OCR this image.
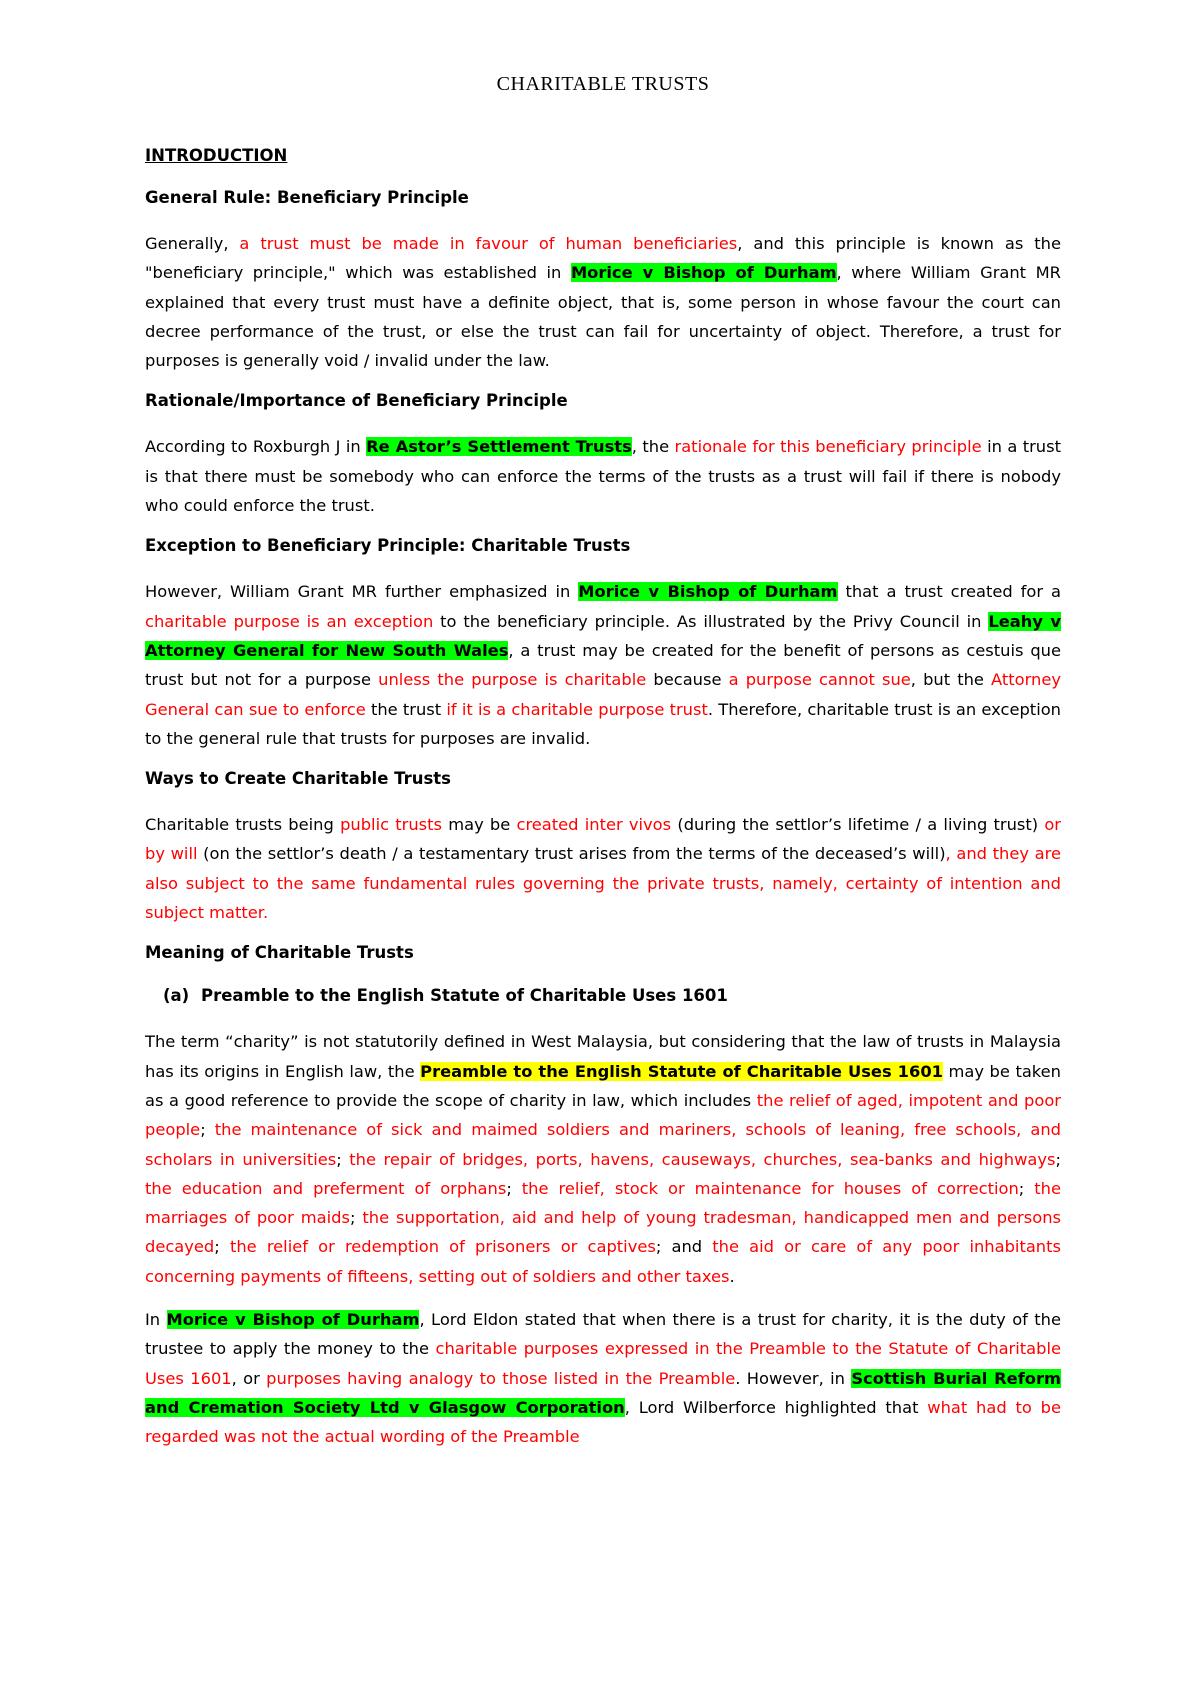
CHARITABLE TRUSTS
INTRODUCTION
General Rule: Beneficiary Principle
Generally, a trust must be made in favour of human beneficiaries, and this principle is known as the "beneficiary principle," which was established in Morice v Bishop of Durham, where William Grant MR explained that every trust must have a definite object, that is, some person in whose favour the court can decree performance of the trust, or else the trust can fail for uncertainty of object. Therefore, a trust for purposes is generally void / invalid under the law.
Rationale/Importance of Beneficiary Principle
According to Roxburgh J in Re Astor’s Settlement Trusts, the rationale for this beneficiary principle in a trust is that there must be somebody who can enforce the terms of the trusts as a trust will fail if there is nobody who could enforce the trust.
Exception to Beneficiary Principle: Charitable Trusts
However, William Grant MR further emphasized in Morice v Bishop of Durham that a trust created for a charitable purpose is an exception to the beneficiary principle. As illustrated by the Privy Council in Leahy v Attorney General for New South Wales, a trust may be created for the benefit of persons as cestuis que trust but not for a purpose unless the purpose is charitable because a purpose cannot sue, but the Attorney General can sue to enforce the trust if it is a charitable purpose trust. Therefore, charitable trust is an exception to the general rule that trusts for purposes are invalid.
Ways to Create Charitable Trusts
Charitable trusts being public trusts may be created inter vivos (during the settlor’s lifetime / a living trust) or by will (on the settlor’s death / a testamentary trust arises from the terms of the deceased’s will), and they are also subject to the same fundamental rules governing the private trusts, namely, certainty of intention and subject matter.
Meaning of Charitable Trusts
(a) Preamble to the English Statute of Charitable Uses 1601
The term “charity” is not statutorily defined in West Malaysia, but considering that the law of trusts in Malaysia has its origins in English law, the Preamble to the English Statute of Charitable Uses 1601 may be taken as a good reference to provide the scope of charity in law, which includes the relief of aged, impotent and poor people; the maintenance of sick and maimed soldiers and mariners, schools of leaning, free schools, and scholars in universities; the repair of bridges, ports, havens, causeways, churches, sea-banks and highways; the education and preferment of orphans; the relief, stock or maintenance for houses of correction; the marriages of poor maids; the supportation, aid and help of young tradesman, handicapped men and persons decayed; the relief or redemption of prisoners or captives; and the aid or care of any poor inhabitants concerning payments of fifteens, setting out of soldiers and other taxes.
In Morice v Bishop of Durham, Lord Eldon stated that when there is a trust for charity, it is the duty of the trustee to apply the money to the charitable purposes expressed in the Preamble to the Statute of Charitable Uses 1601, or purposes having analogy to those listed in the Preamble. However, in Scottish Burial Reform and Cremation Society Ltd v Glasgow Corporation, Lord Wilberforce highlighted that what had to be regarded was not the actual wording of the Preamble
